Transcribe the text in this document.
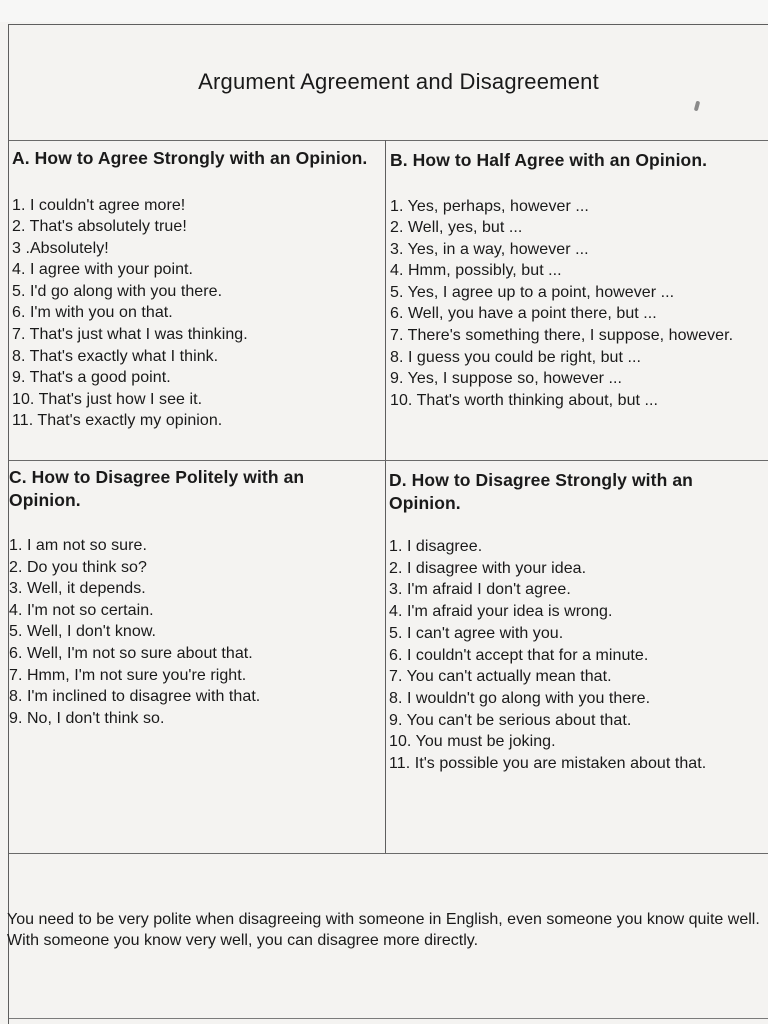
Argument Agreement and Disagreement
A. How to Agree Strongly with an Opinion.
1. I couldn't agree more!
2. That's absolutely true!
3 .Absolutely!
4. I agree with your point.
5. I'd go along with you there.
6. I'm with you on that.
7. That's just what I was thinking.
8. That's exactly what I think.
9. That's a good point.
10. That's just how I see it.
11. That's exactly my opinion.
B. How to Half Agree with an Opinion.
1. Yes, perhaps, however ...
2. Well, yes, but ...
3. Yes, in a way, however ...
4. Hmm, possibly, but ...
5. Yes, I agree up to a point, however ...
6. Well, you have a point there, but ...
7. There's something there, I suppose, however.
8. I guess you could be right, but ...
9. Yes, I suppose so, however ...
10. That's worth thinking about, but ...
C. How to Disagree Politely with an Opinion.
1. I am not so sure.
2. Do you think so?
3. Well, it depends.
4. I'm not so certain.
5. Well, I don't know.
6. Well, I'm not so sure about that.
7. Hmm, I'm not sure you're right.
8. I'm inclined to disagree with that.
9. No, I don't think so.
D. How to Disagree Strongly with an Opinion.
1. I disagree.
2. I disagree with your idea.
3. I'm afraid I don't agree.
4. I'm afraid your idea is wrong.
5. I can't agree with you.
6. I couldn't accept that for a minute.
7. You can't actually mean that.
8. I wouldn't go along with you there.
9. You can't be serious about that.
10. You must be joking.
11. It's possible you are mistaken about that.

You need to be very polite when disagreeing with someone in English, even someone you know quite well.

With someone you know very well, you can disagree more directly.
